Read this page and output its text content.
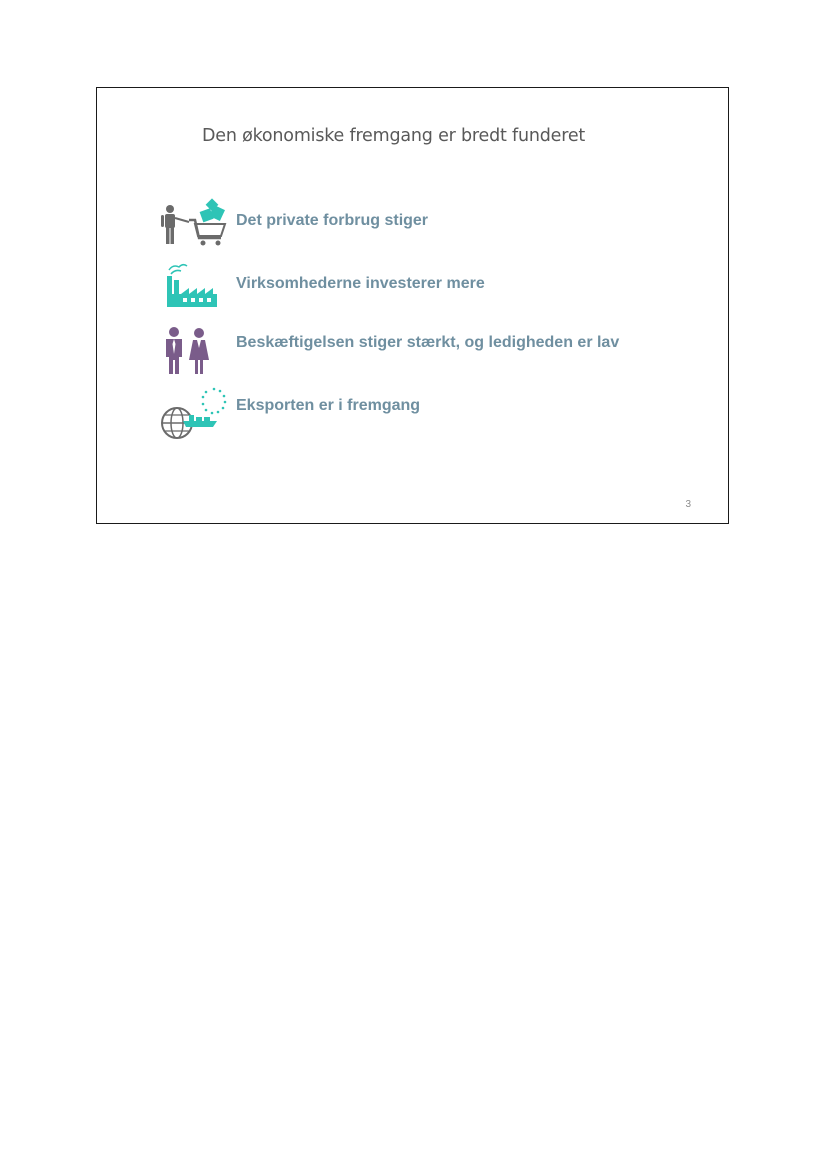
Den økonomiske fremgang er bredt funderet
Det private forbrug stiger
Virksomhederne investerer mere
Beskæftigelsen stiger stærkt, og ledigheden er lav
Eksporten er i fremgang
3
